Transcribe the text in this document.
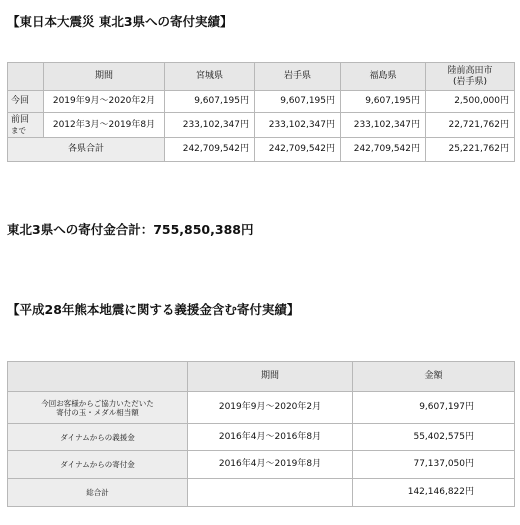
【東日本大震災 東北3県への寄付実績】
	期間	宮城県	岩手県	福島県	陸前高田市
(岩手県)

今回	2019年9月～2020年2月	9,607,195円	9,607,195円	9,607,195円	2,500,000円

前回
まで	2012年3月～2019年8月	233,102,347円	233,102,347円	233,102,347円	22,721,762円
各県合計		242,709,542円	242,709,542円	242,709,542円	25,221,762円
東北3県への寄付金合計：755,850,388円
【平成28年熊本地震に関する義援金含む寄付実績】
	期間	金額

今回お客様からご協力いただいた
寄付の玉・メダル相当額	2019年9月～2020年2月	9,607,197円
ダイナムからの義援金	2016年4月～2016年8月	55,402,575円
ダイナムからの寄付金	2016年4月～2019年8月	77,137,050円
総合計		142,146,822円
